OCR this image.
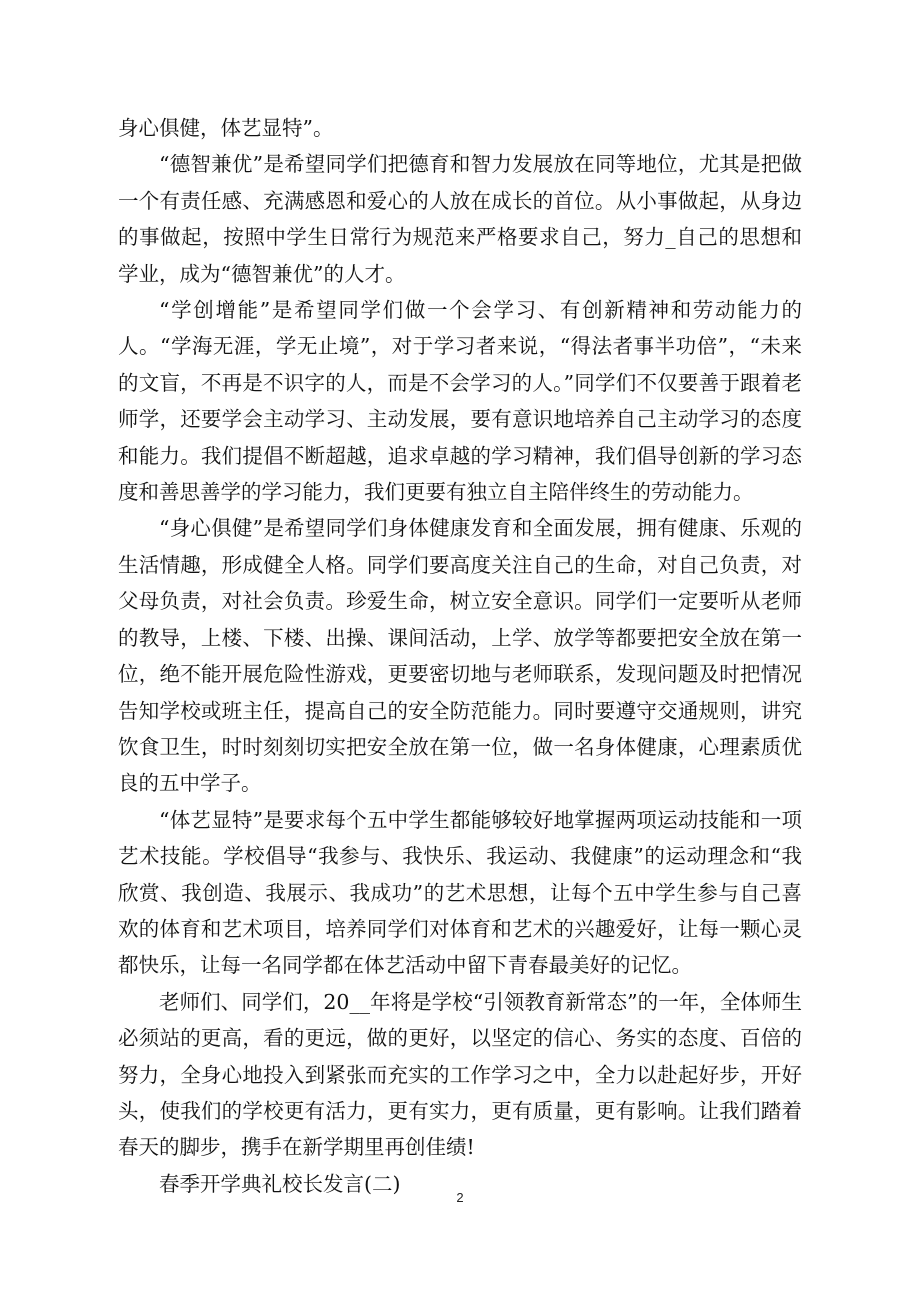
身心俱健，体艺显特”。

“德智兼优”是希望同学们把德育和智力发展放在同等地位，尤其是把做一个有责任感、充满感恩和爱心的人放在成长的首位。从小事做起，从身边的事做起，按照中学生日常行为规范来严格要求自己，努力_自己的思想和学业，成为“德智兼优”的人才。

“学创增能”是希望同学们做一个会学习、有创新精神和劳动能力的人。“学海无涯，学无止境”，对于学习者来说，“得法者事半功倍”，“未来的文盲，不再是不识字的人，而是不会学习的人。”同学们不仅要善于跟着老师学，还要学会主动学习、主动发展，要有意识地培养自己主动学习的态度和能力。我们提倡不断超越，追求卓越的学习精神，我们倡导创新的学习态度和善思善学的学习能力，我们更要有独立自主陪伴终生的劳动能力。

“身心俱健”是希望同学们身体健康发育和全面发展，拥有健康、乐观的生活情趣，形成健全人格。同学们要高度关注自己的生命，对自己负责，对父母负责，对社会负责。珍爱生命，树立安全意识。同学们一定要听从老师的教导，上楼、下楼、出操、课间活动，上学、放学等都要把安全放在第一位，绝不能开展危险性游戏，更要密切地与老师联系，发现问题及时把情况告知学校或班主任，提高自己的安全防范能力。同时要遵守交通规则，讲究饮食卫生，时时刻刻切实把安全放在第一位，做一名身体健康，心理素质优良的五中学子。

“体艺显特”是要求每个五中学生都能够较好地掌握两项运动技能和一项艺术技能。学校倡导“我参与、我快乐、我运动、我健康”的运动理念和“我欣赏、我创造、我展示、我成功”的艺术思想，让每个五中学生参与自己喜欢的体育和艺术项目，培养同学们对体育和艺术的兴趣爱好，让每一颗心灵都快乐，让每一名同学都在体艺活动中留下青春最美好的记忆。

老师们、同学们，20__年将是学校“引领教育新常态”的一年，全体师生必须站的更高，看的更远，做的更好，以坚定的信心、务实的态度、百倍的努力，全身心地投入到紧张而充实的工作学习之中，全力以赴起好步，开好头，使我们的学校更有活力，更有实力，更有质量，更有影响。让我们踏着春天的脚步，携手在新学期里再创佳绩!

春季开学典礼校长发言(二)

2
